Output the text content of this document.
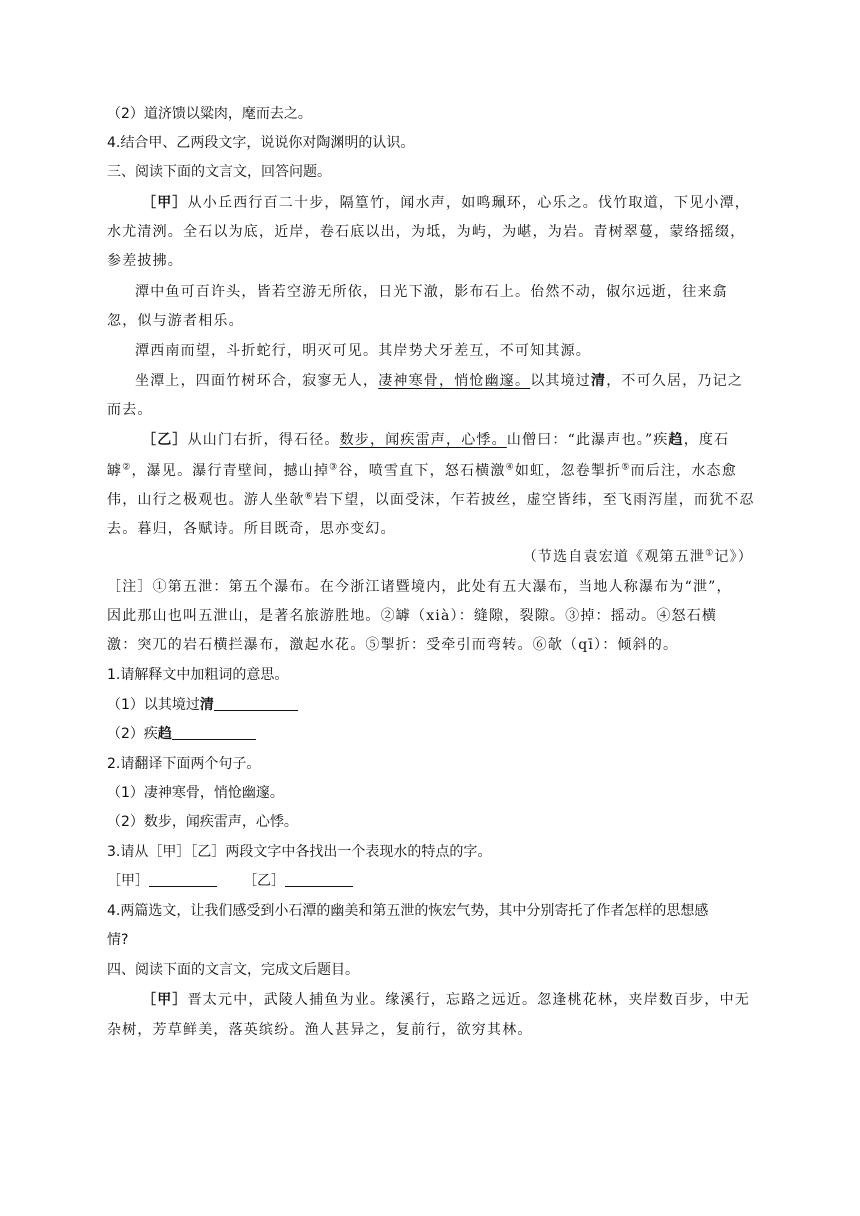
（2）道济馈以粱肉，麾而去之。
4.结合甲、乙两段文字，说说你对陶渊明的认识。
三、阅读下面的文言文，回答问题。
［甲］从小丘西行百二十步，隔篁竹，闻水声，如鸣珮环，心乐之。伐竹取道，下见小潭，
水尤清洌。全石以为底，近岸，卷石底以出，为坻，为屿，为嵁，为岩。青树翠蔓，蒙络摇缀，
参差披拂。
潭中鱼可百许头，皆若空游无所依，日光下澈，影布石上。佁然不动，俶尔远逝，往来翕
忽，似与游者相乐。
潭西南而望，斗折蛇行，明灭可见。其岸势犬牙差互，不可知其源。
坐潭上，四面竹树环合，寂寥无人，凄神寒骨，悄怆幽邃。以其境过清，不可久居，乃记之
而去。
［乙］从山门右折，得石径。数步，闻疾雷声，心悸。山僧曰：“此瀑声也。”疾趋，度石
罅②，瀑见。瀑行青壁间，撼山掉③谷，喷雪直下，怒石横激④如虹，忽卷掣折⑤而后注，水态愈
伟，山行之极观也。游人坐欹⑥岩下望，以面受沫，乍若披丝，虚空皆纬，至飞雨泻崖，而犹不忍
去。暮归，各赋诗。所目既奇，思亦变幻。
（节选自袁宏道《观第五泄①记》）
［注］①第五泄：第五个瀑布。在今浙江诸暨境内，此处有五大瀑布，当地人称瀑布为“泄”，
因此那山也叫五泄山，是著名旅游胜地。②罅（xià）：缝隙，裂隙。③掉：摇动。④怒石横
激：突兀的岩石横拦瀑布，激起水花。⑤掣折：受牵引而弯转。⑥欹（qī）：倾斜的。
1.请解释文中加粗词的意思。
（1）以其境过清
（2）疾趋
2.请翻译下面两个句子。
（1）凄神寒骨，悄怆幽邃。
（2）数步，闻疾雷声，心悸。
3.请从［甲］［乙］两段文字中各找出一个表现水的特点的字。
［甲］	［乙］
4.两篇选文，让我们感受到小石潭的幽美和第五泄的恢宏气势，其中分别寄托了作者怎样的思想感
情?
四、阅读下面的文言文，完成文后题目。
［甲］晋太元中，武陵人捕鱼为业。缘溪行，忘路之远近。忽逢桃花林，夹岸数百步，中无
杂树，芳草鲜美，落英缤纷。渔人甚异之，复前行，欲穷其林。
